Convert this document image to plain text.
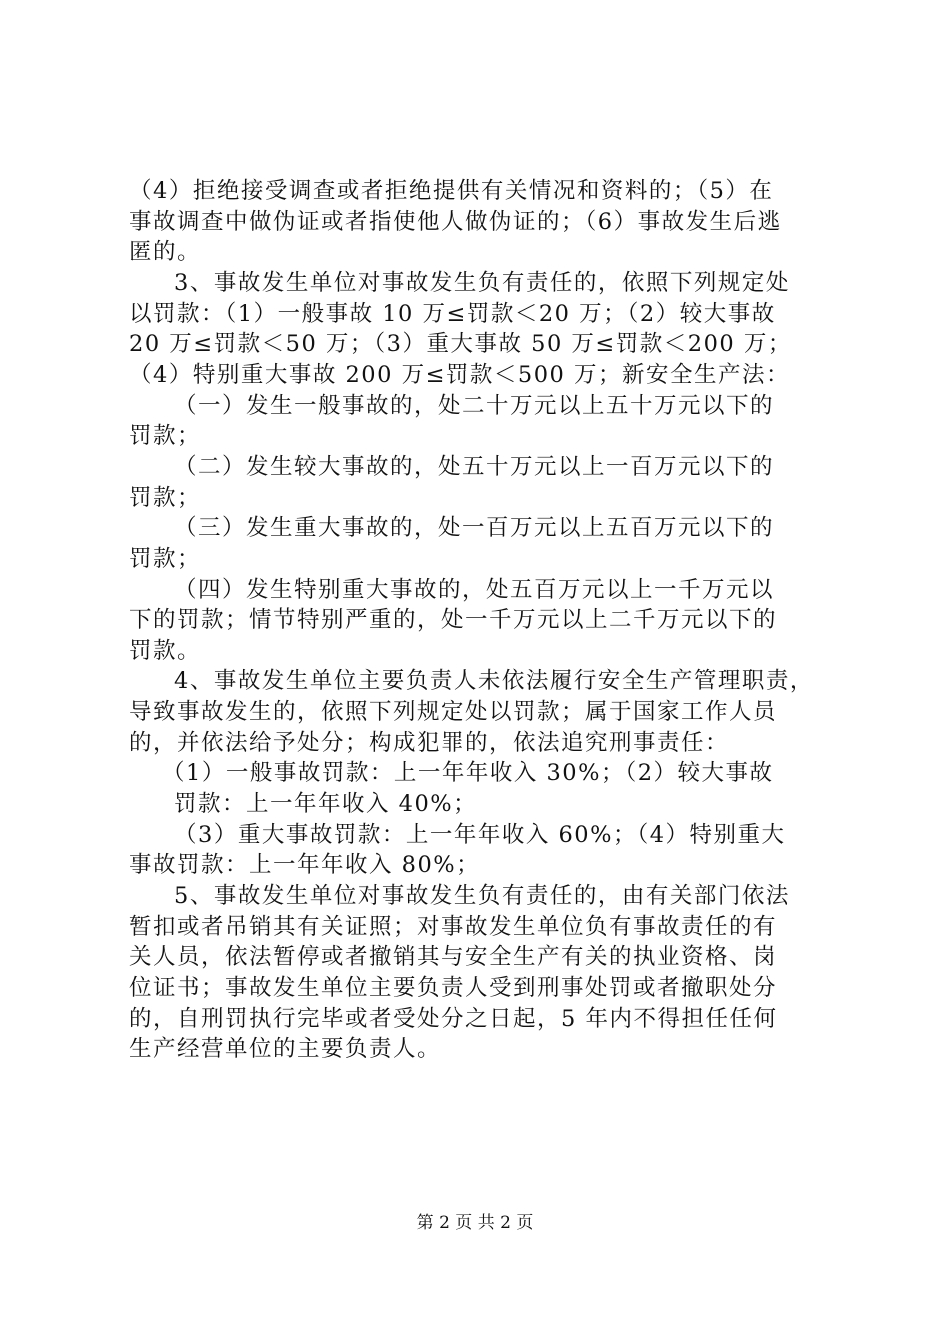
（4）拒绝接受调查或者拒绝提供有关情况和资料的；（5）在
事故调查中做伪证或者指使他人做伪证的；（6）事故发生后逃
匿的。
3、事故发生单位对事故发生负有责任的，依照下列规定处
以罚款：（1）一般事故 10 万≤罚款＜20 万；（2）较大事故
20 万≤罚款＜50 万；（3）重大事故 50 万≤罚款＜200 万；
（4）特别重大事故 200 万≤罚款＜500 万；新安全生产法：
（一）发生一般事故的，处二十万元以上五十万元以下的
罚款；
（二）发生较大事故的，处五十万元以上一百万元以下的
罚款；
（三）发生重大事故的，处一百万元以上五百万元以下的
罚款；
（四）发生特别重大事故的，处五百万元以上一千万元以
下的罚款；情节特别严重的，处一千万元以上二千万元以下的
罚款。
4、事故发生单位主要负责人未依法履行安全生产管理职责，
导致事故发生的，依照下列规定处以罚款；属于国家工作人员
的，并依法给予处分；构成犯罪的，依法追究刑事责任：
（1）一般事故罚款：上一年年收入 30%；（2）较大事故
罚款：上一年年收入 40%；
（3）重大事故罚款：上一年年收入 60%；（4）特别重大
事故罚款：上一年年收入 80%；
5、事故发生单位对事故发生负有责任的，由有关部门依法
暂扣或者吊销其有关证照；对事故发生单位负有事故责任的有
关人员，依法暂停或者撤销其与安全生产有关的执业资格、岗
位证书；事故发生单位主要负责人受到刑事处罚或者撤职处分
的，自刑罚执行完毕或者受处分之日起，5 年内不得担任任何
生产经营单位的主要负责人。
第 2 页 共 2 页
